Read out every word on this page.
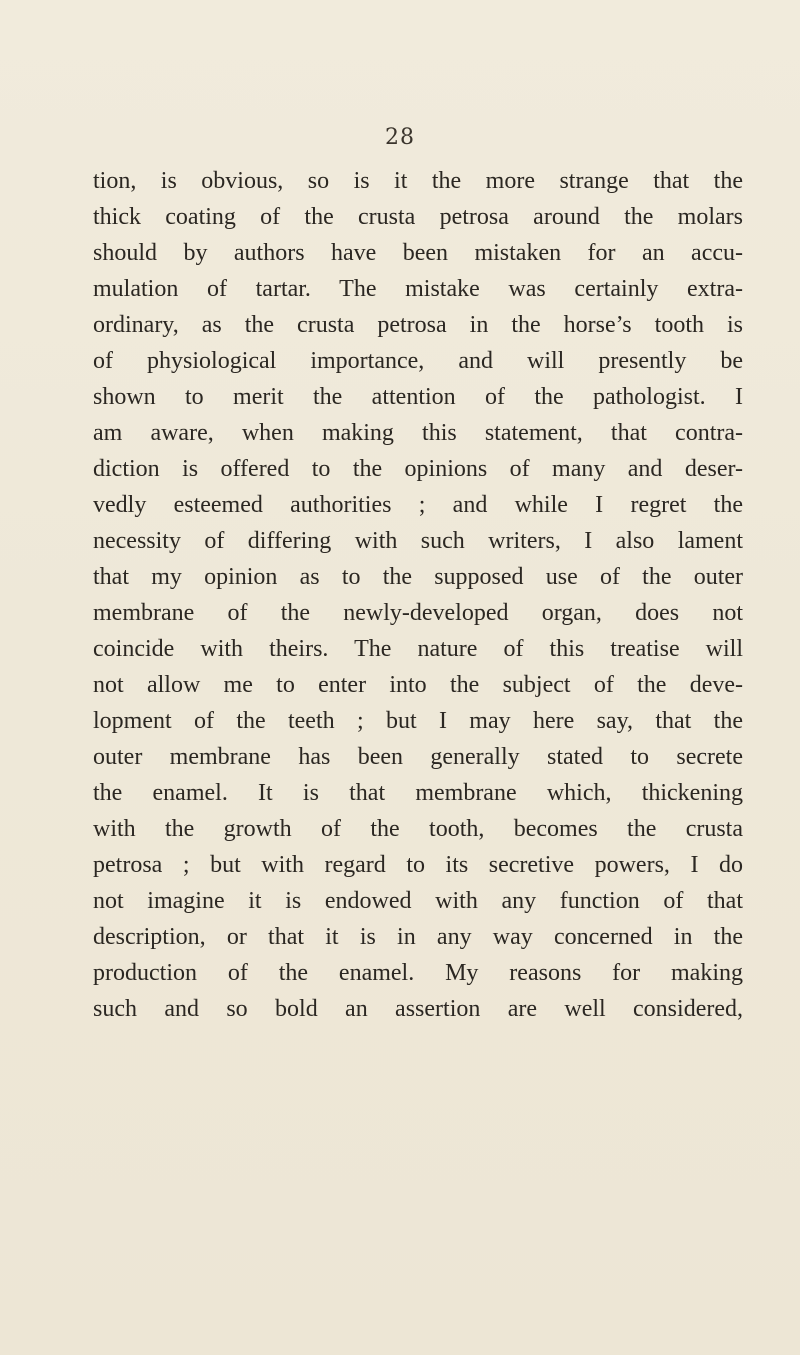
28
tion, is obvious, so is it the more strange that the
thick coating of the crusta petrosa around the molars
should by authors have been mistaken for an accu-
mulation of tartar. The mistake was certainly extra-
ordinary, as the crusta petrosa in the horse’s tooth is
of physiological importance, and will presently be
shown to merit the attention of the pathologist. I
am aware, when making this statement, that contra-
diction is offered to the opinions of many and deser-
vedly esteemed authorities ; and while I regret the
necessity of differing with such writers, I also lament
that my opinion as to the supposed use of the outer
membrane of the newly-developed organ, does not
coincide with theirs. The nature of this treatise will
not allow me to enter into the subject of the deve-
lopment of the teeth ; but I may here say, that the
outer membrane has been generally stated to secrete
the enamel. It is that membrane which, thickening
with the growth of the tooth, becomes the crusta
petrosa ; but with regard to its secretive powers, I do
not imagine it is endowed with any function of that
description, or that it is in any way concerned in the
production of the enamel. My reasons for making
such and so bold an assertion are well considered,
